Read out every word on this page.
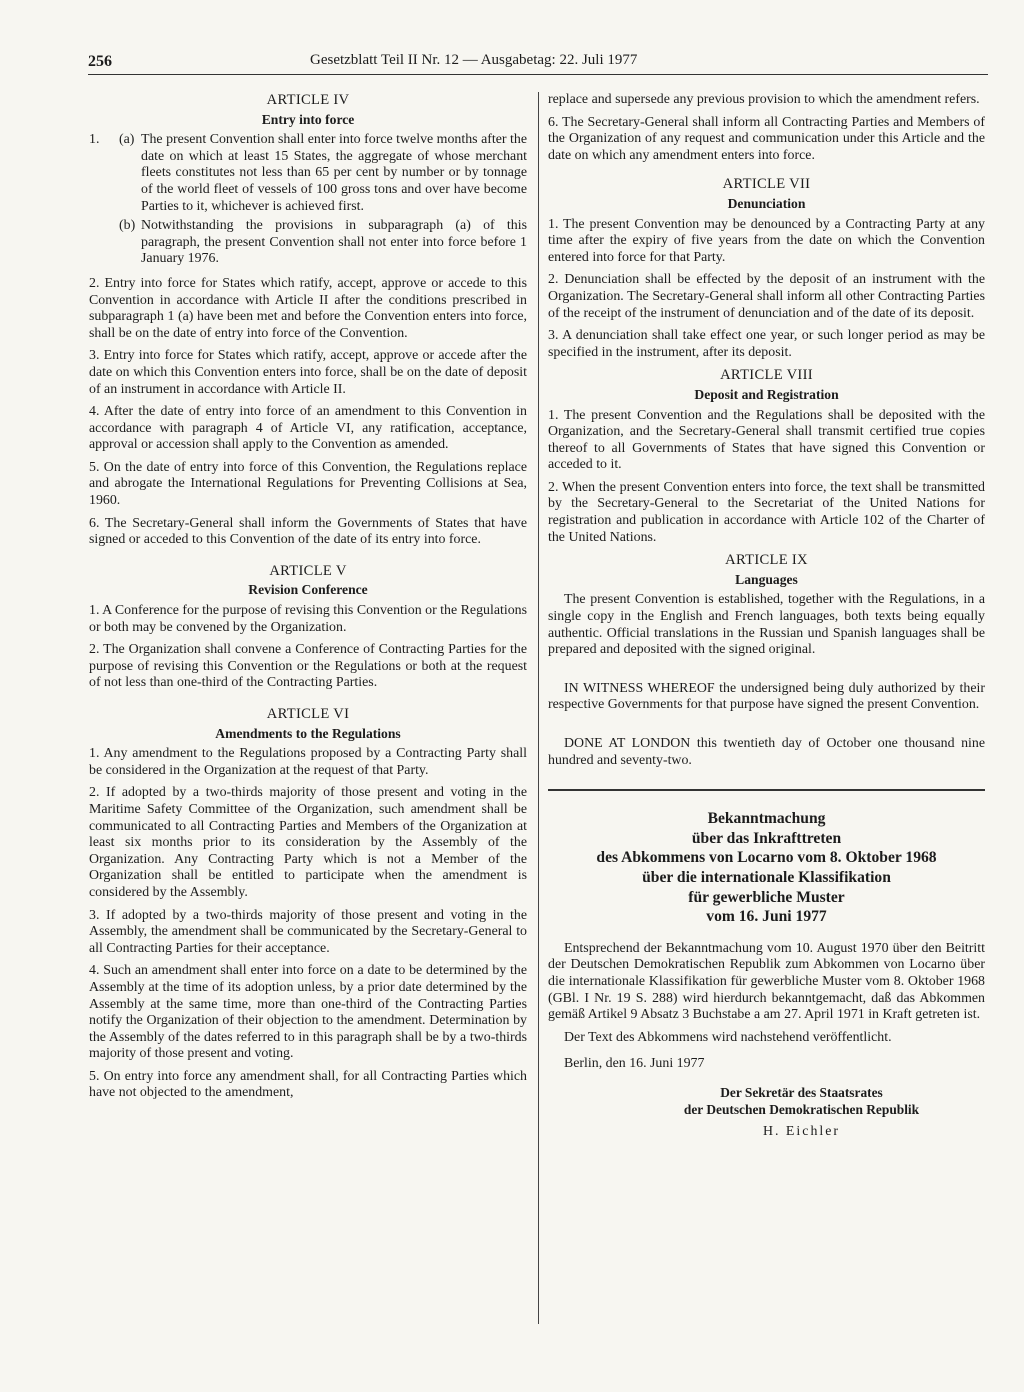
256	Gesetzblatt Teil II Nr. 12 — Ausgabetag: 22. Juli 1977
ARTICLE IV
Entry into force
1. (a) The present Convention shall enter into force twelve months after the date on which at least 15 States, the aggregate of whose merchant fleets constitutes not less than 65 per cent by number or by tonnage of the world fleet of vessels of 100 gross tons and over have become Parties to it, whichever is achieved first.
(b) Notwithstanding the provisions in subparagraph (a) of this paragraph, the present Convention shall not enter into force before 1 January 1976.

2. Entry into force for States which ratify, accept, approve or accede to this Convention in accordance with Article II after the conditions prescribed in subparagraph 1 (a) have been met and before the Convention enters into force, shall be on the date of entry into force of the Convention.

3. Entry into force for States which ratify, accept, approve or accede after the date on which this Convention enters into force, shall be on the date of deposit of an instrument in accordance with Article II.

4. After the date of entry into force of an amendment to this Convention in accordance with paragraph 4 of Article VI, any ratification, acceptance, approval or accession shall apply to the Convention as amended.

5. On the date of entry into force of this Convention, the Regulations replace and abrogate the International Regulations for Preventing Collisions at Sea, 1960.

6. The Secretary-General shall inform the Governments of States that have signed or acceded to this Convention of the date of its entry into force.

ARTICLE V
Revision Conference

1. A Conference for the purpose of revising this Convention or the Regulations or both may be convened by the Organization.

2. The Organization shall convene a Conference of Contracting Parties for the purpose of revising this Convention or the Regulations or both at the request of not less than one-third of the Contracting Parties.

ARTICLE VI
Amendments to the Regulations

1. Any amendment to the Regulations proposed by a Contracting Party shall be considered in the Organization at the request of that Party.

2. If adopted by a two-thirds majority of those present and voting in the Maritime Safety Committee of the Organization, such amendment shall be communicated to all Contracting Parties and Members of the Organization at least six months prior to its consideration by the Assembly of the Organization. Any Contracting Party which is not a Member of the Organization shall be entitled to participate when the amendment is considered by the Assembly.

3. If adopted by a two-thirds majority of those present and voting in the Assembly, the amendment shall be communicated by the Secretary-General to all Contracting Parties for their acceptance.

4. Such an amendment shall enter into force on a date to be determined by the Assembly at the time of its adoption unless, by a prior date determined by the Assembly at the same time, more than one-third of the Contracting Parties notify the Organization of their objection to the amendment. Determination by the Assembly of the dates referred to in this paragraph shall be by a two-thirds majority of those present and voting.

5. On entry into force any amendment shall, for all Contracting Parties which have not objected to the amendment,

replace and supersede any previous provision to which the amendment refers.

6. The Secretary-General shall inform all Contracting Parties and Members of the Organization of any request and communication under this Article and the date on which any amendment enters into force.

ARTICLE VII
Denunciation

1. The present Convention may be denounced by a Contracting Party at any time after the expiry of five years from the date on which the Convention entered into force for that Party.

2. Denunciation shall be effected by the deposit of an instrument with the Organization. The Secretary-General shall inform all other Contracting Parties of the receipt of the instrument of denunciation and of the date of its deposit.

3. A denunciation shall take effect one year, or such longer period as may be specified in the instrument, after its deposit.

ARTICLE VIII
Deposit and Registration

1. The present Convention and the Regulations shall be deposited with the Organization, and the Secretary-General shall transmit certified true copies thereof to all Governments of States that have signed this Convention or acceded to it.

2. When the present Convention enters into force, the text shall be transmitted by the Secretary-General to the Secretariat of the United Nations for registration and publication in accordance with Article 102 of the Charter of the United Nations.

ARTICLE IX
Languages

The present Convention is established, together with the Regulations, in a single copy in the English and French languages, both texts being equally authentic. Official translations in the Russian und Spanish languages shall be prepared and deposited with the signed original.

IN WITNESS WHEREOF the undersigned being duly authorized by their respective Governments for that purpose have signed the present Convention.

DONE AT LONDON this twentieth day of October one thousand nine hundred and seventy-two.

Bekanntmachung
über das Inkrafttreten
des Abkommens von Locarno vom 8. Oktober 1968
über die internationale Klassifikation
für gewerbliche Muster
vom 16. Juni 1977

Entsprechend der Bekanntmachung vom 10. August 1970 über den Beitritt der Deutschen Demokratischen Republik zum Abkommen von Locarno über die internationale Klassifikation für gewerbliche Muster vom 8. Oktober 1968 (GBl. I Nr. 19 S. 288) wird hierdurch bekanntgemacht, daß das Abkommen gemäß Artikel 9 Absatz 3 Buchstabe a am 27. April 1971 in Kraft getreten ist.

Der Text des Abkommens wird nachstehend veröffentlicht.

Berlin, den 16. Juni 1977

Der Sekretär des Staatsrates
der Deutschen Demokratischen Republik
H. Eichler
